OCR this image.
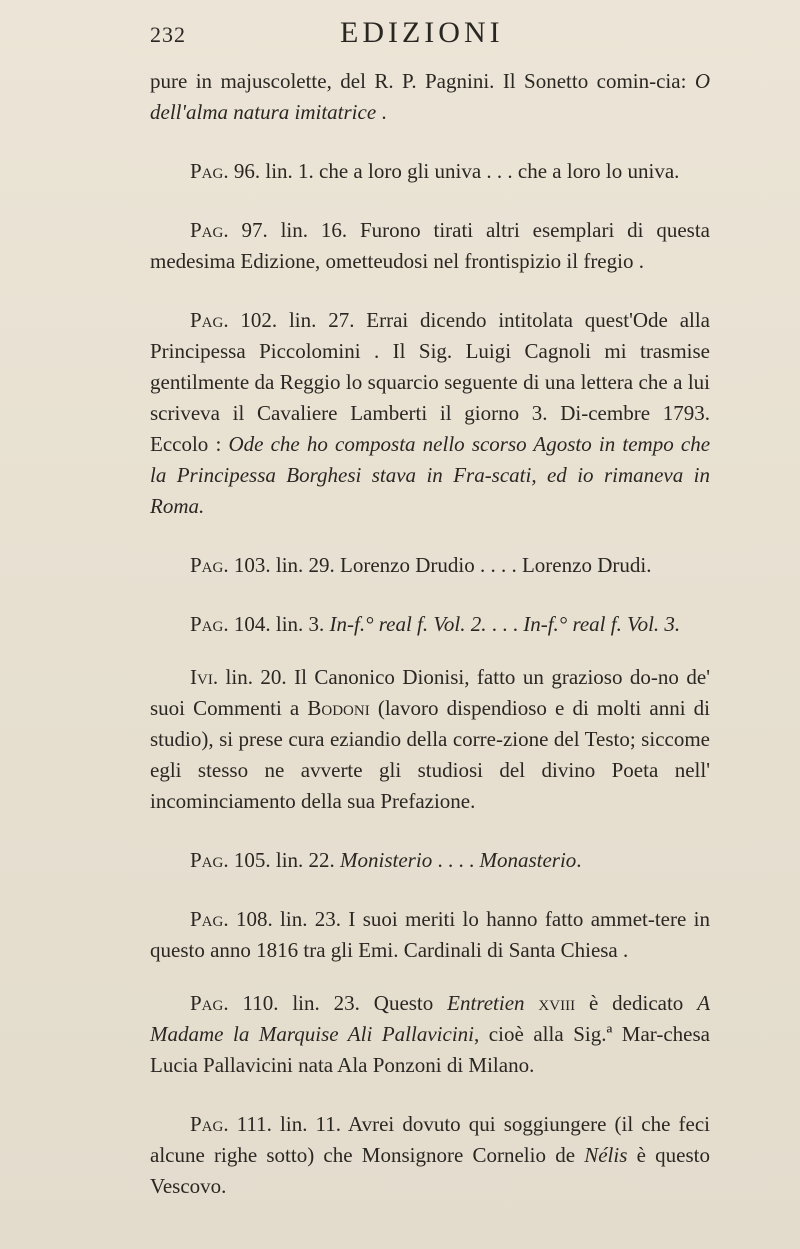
232	EDIZIONI

pure in majuscolette, del R. P. Pagnini. Il Sonetto comin-cia: O dell'alma natura imitatrice .

Pag. 96. lin. 1. che a loro gli univa . . . che a loro lo univa.

Pag. 97. lin. 16. Furono tirati altri esemplari di questa medesima Edizione, ometteudosi nel frontispizio il fregio .

Pag. 102. lin. 27. Errai dicendo intitolata quest'Ode alla Principessa Piccolomini . Il Sig. Luigi Cagnoli mi trasmise gentilmente da Reggio lo squarcio seguente di una lettera che a lui scriveva il Cavaliere Lamberti il giorno 3. Di-cembre 1793. Eccolo : Ode che ho composta nello scorso Agosto in tempo che la Principessa Borghesi stava in Fra-scati, ed io rimaneva in Roma.

Pag. 103. lin. 29. Lorenzo Drudio . . . . Lorenzo Drudi.

Pag. 104. lin. 3. In-f.° real f. Vol. 2. . . . In-f.° real f. Vol. 3.

Ivi. lin. 20. Il Canonico Dionisi, fatto un grazioso do-no de' suoi Commenti a Bodoni (lavoro dispendioso e di molti anni di studio), si prese cura eziandio della corre-zione del Testo; siccome egli stesso ne avverte gli studiosi del divino Poeta nell' incominciamento della sua Prefazione.

Pag. 105. lin. 22. Monisterio . . . . Monasterio.

Pag. 108. lin. 23. I suoi meriti lo hanno fatto ammet-tere in questo anno 1816 tra gli Emi. Cardinali di Santa Chiesa .

Pag. 110. lin. 23. Questo Entretien xviii è dedicato A Madame la Marquise Ali Pallavicini, cioè alla Sig.ª Mar-chesa Lucia Pallavicini nata Ala Ponzoni di Milano.

Pag. 111. lin. 11. Avrei dovuto qui soggiungere (il che feci alcune righe sotto) che Monsignore Cornelio de Nélis è questo Vescovo.
